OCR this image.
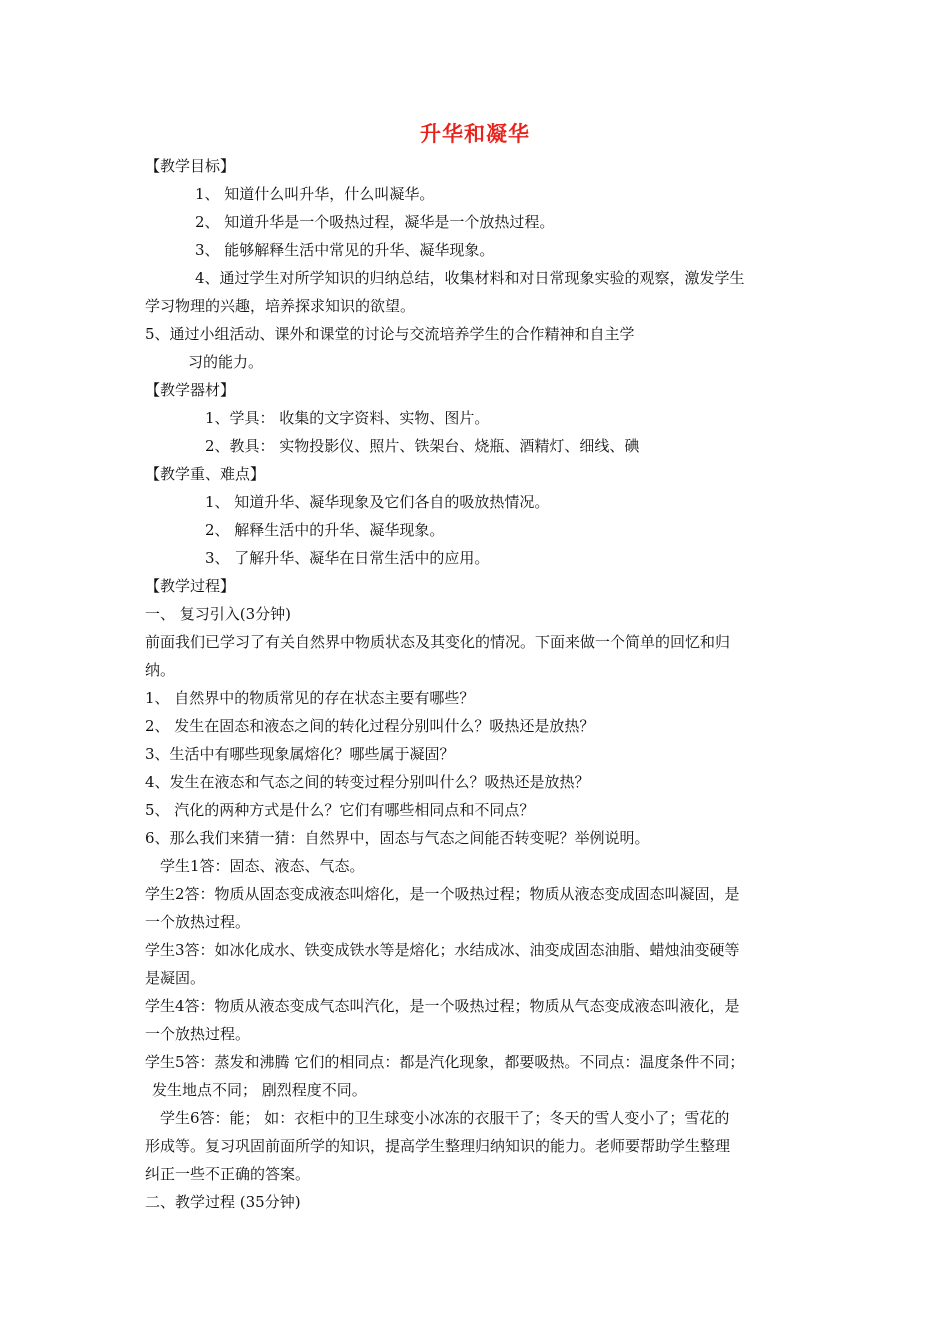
升华和凝华
【教学目标】
1、 知道什么叫升华，什么叫凝华。
2、 知道升华是一个吸热过程，凝华是一个放热过程。
3、 能够解释生活中常见的升华、凝华现象。
4、通过学生对所学知识的归纳总结，收集材料和对日常现象实验的观察，激发学生
学习物理的兴趣，培养探求知识的欲望。
5、通过小组活动、课外和课堂的讨论与交流培养学生的合作精神和自主学
习的能力。
【教学器材】
1、学具： 收集的文字资料、实物、图片。
2、教具： 实物投影仪、照片、铁架台、烧瓶、酒精灯、细线、碘
【教学重、难点】
1、 知道升华、凝华现象及它们各自的吸放热情况。
2、 解释生活中的升华、凝华现象。
3、 了解升华、凝华在日常生活中的应用。
【教学过程】
一、 复习引入(3分钟)
前面我们已学习了有关自然界中物质状态及其变化的情况。下面来做一个简单的回忆和归
纳。
1、 自然界中的物质常见的存在状态主要有哪些？
2、 发生在固态和液态之间的转化过程分别叫什么？吸热还是放热？
3、生活中有哪些现象属熔化？哪些属于凝固？
4、发生在液态和气态之间的转变过程分别叫什么？吸热还是放热？
5、 汽化的两种方式是什么？它们有哪些相同点和不同点？
6、那么我们来猜一猜：自然界中，固态与气态之间能否转变呢？举例说明。
学生1答：固态、液态、气态。
学生2答：物质从固态变成液态叫熔化，是一个吸热过程；物质从液态变成固态叫凝固，是
一个放热过程。
学生3答：如冰化成水、铁变成铁水等是熔化；水结成冰、油变成固态油脂、蜡烛油变硬等
是凝固。
学生4答：物质从液态变成气态叫汽化，是一个吸热过程；物质从气态变成液态叫液化，是
一个放热过程。
学生5答：蒸发和沸腾 它们的相同点：都是汽化现象，都要吸热。不同点：温度条件不同；
发生地点不同； 剧烈程度不同。
学生6答：能； 如：衣柜中的卫生球变小冰冻的衣服干了；冬天的雪人变小了；雪花的
形成等。复习巩固前面所学的知识，提高学生整理归纳知识的能力。老师要帮助学生整理
纠正一些不正确的答案。
二、教学过程 (35分钟)
